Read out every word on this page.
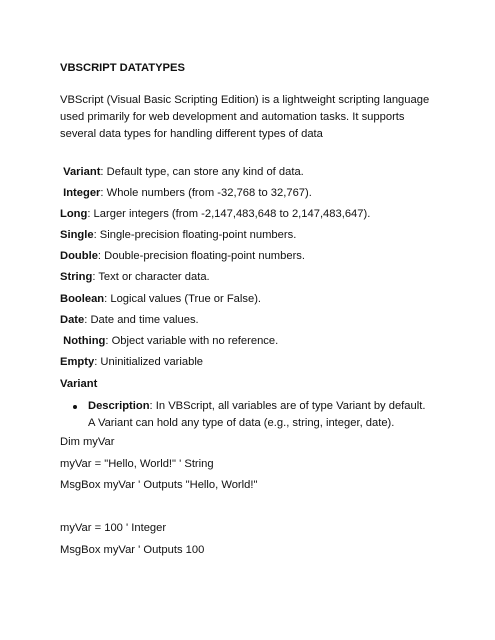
VBSCRIPT DATATYPES
VBScript (Visual Basic Scripting Edition) is a lightweight scripting language used primarily for web development and automation tasks. It supports several data types for handling different types of data
Variant: Default type, can store any kind of data.
Integer: Whole numbers (from -32,768 to 32,767).
Long: Larger integers (from -2,147,483,648 to 2,147,483,647).
Single: Single-precision floating-point numbers.
Double: Double-precision floating-point numbers.
String: Text or character data.
Boolean: Logical values (True or False).
Date: Date and time values.
Nothing: Object variable with no reference.
Empty: Uninitialized variable
Variant
Description: In VBScript, all variables are of type Variant by default. A Variant can hold any type of data (e.g., string, integer, date).
Dim myVar
myVar = "Hello, World!" ' String
MsgBox myVar ' Outputs "Hello, World!"
myVar = 100 ' Integer
MsgBox myVar ' Outputs 100
